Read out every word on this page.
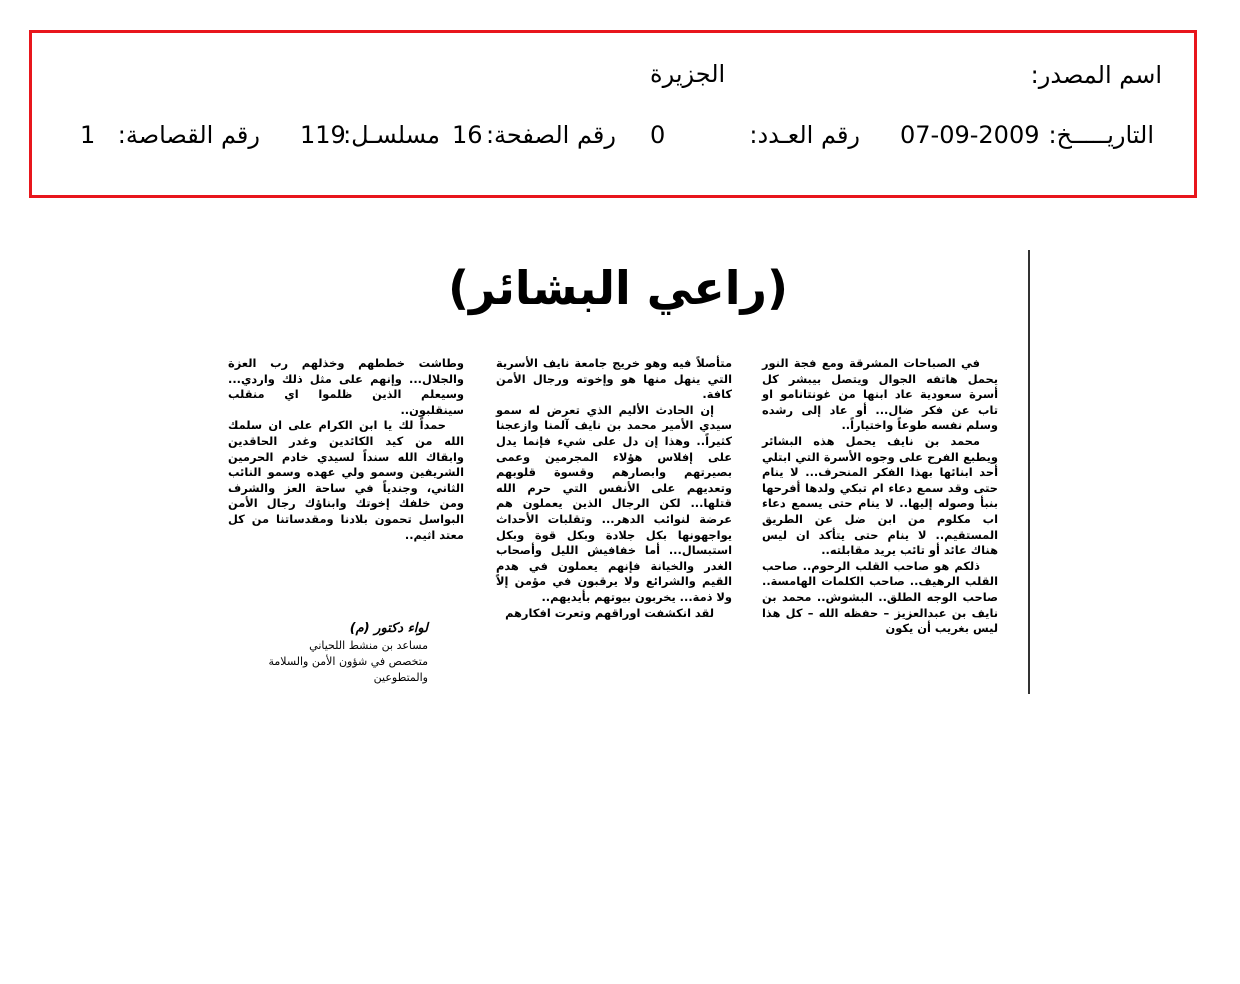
اسم المصدر:
الجزيرة
التاريـــــخ:
07-09-2009
رقم العـدد:
0
رقم الصفحة:
16
مسلسـل:
119
رقم القصاصة:
1
(راعي البشائر)

في الصباحات المشرقة ومع فجة النور يحمل هاتفه الجوال ويتصل بيبشر كل أسرة سعودية عاد ابنها من غونتانامو او تاب عن فكر ضال... أو عاد إلى رشده وسلم نفسه طوعاً واختياراً..

محمد بن نايف يحمل هذه البشائر ويطبع الفرح على وجوه الأسرة التي ابتلي أحد ابنائها بهذا الفكر المنحرف... لا ينام حتى وقد سمع دعاء ام تبكي ولدها أفرحها بنبأ وصوله إليها.. لا ينام حتى يسمع دعاء اب مكلوم من ابن ضل عن الطريق المستقيم.. لا ينام حتى يتأكد ان ليس هناك عائد أو تائب يريد مقابلته..

ذلكم هو صاحب القلب الرحوم.. صاحب القلب الرهيف.. صاحب الكلمات الهامسة.. صاحب الوجه الطلق.. البشوش.. محمد بن نايف بن عبدالعزيز – حفظه الله – كل هذا ليس بغريب أن يكون

متأصلاً فيه وهو خريج جامعة نايف الأسرية التي ينهل منها هو وإخوته ورجال الأمن كافة.

إن الحادث الأليم الذي تعرض له سمو سيدي الأمير محمد بن نايف آلمنا وازعجنا كثيراً.. وهذا إن دل على شيء فإنما يدل على إفلاس هؤلاء المجرمين وعمى بصيرتهم وابصارهم وقسوة قلوبهم وتعديهم على الأنفس التي حرم الله قتلها... لكن الرجال الذين يعملون هم عرضة لنوائب الدهر... وتقلبات الأحداث يواجهونها بكل جلادة وبكل قوة وبكل استبسال... أما خفافيش الليل وأصحاب الغدر والخيانة فإنهم يعملون في هدم القيم والشرائع ولا يرقبون في مؤمن إلاً ولا ذمة... يخربون بيوتهم بأيديهم..

لقد انكشفت اوراقهم وتعرت افكارهم

وطاشت خططهم وخذلهم رب العزة والجلال... وإنهم على مثل ذلك واردي... وسيعلم الذين ظلموا اي منقلب سينقلبون..

حمداً لك يا ابن الكرام على ان سلمك الله من كيد الكائدين وغدر الحاقدين وابقاك الله سنداً لسيدي خادم الحرمين الشريفين وسمو ولي عهده وسمو النائب الثاني، وجندياً في ساحة العز والشرف ومن خلفك إخوتك وابناؤك رجال الأمن البواسل تحمون بلادنا ومقدساتنا من كل معتد اثيم..

لواء دكتور (م)
مساعد بن منشط اللحياني
متخصص في شؤون الأمن والسلامة والمتطوعين
